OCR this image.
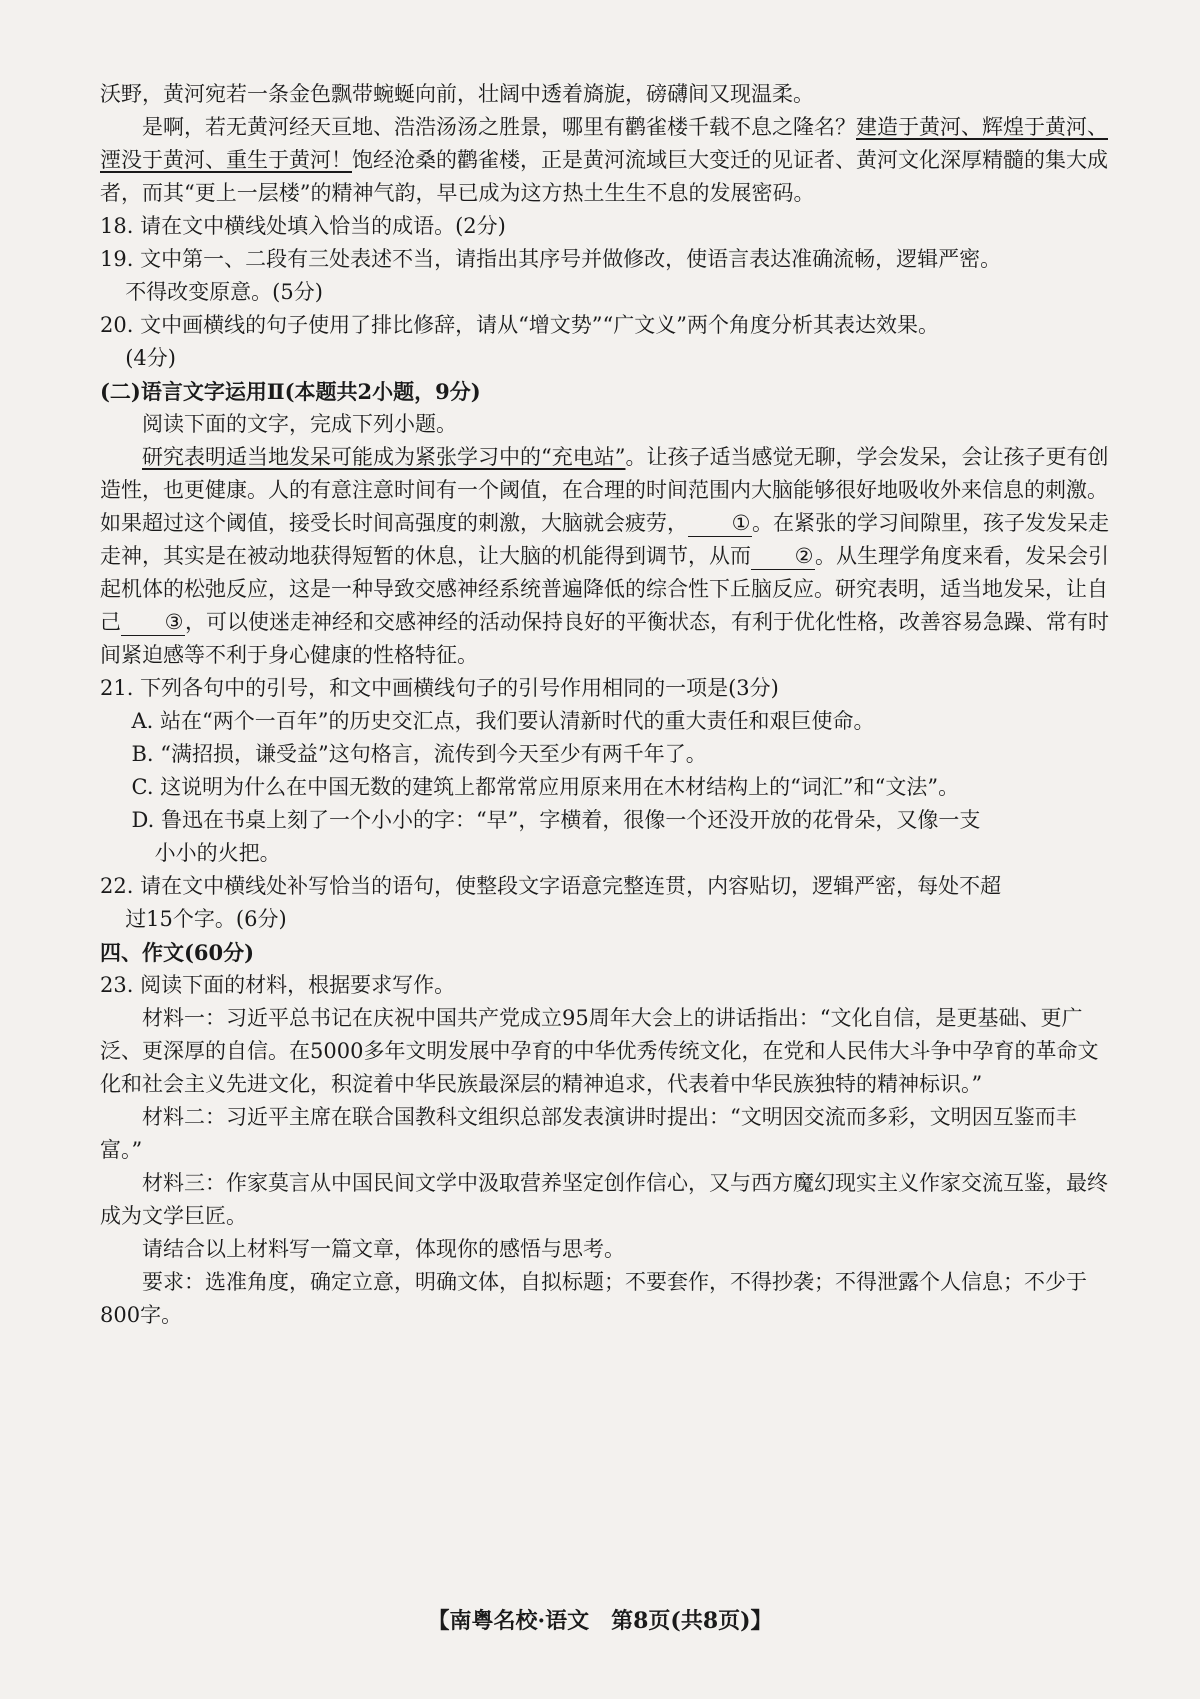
沃野，黄河宛若一条金色飘带蜿蜒向前，壮阔中透着旖旎，磅礴间又现温柔。

是啊，若无黄河经天亘地、浩浩汤汤之胜景，哪里有鹳雀楼千载不息之隆名？建造于黄河、辉煌于黄河、湮没于黄河、重生于黄河！饱经沧桑的鹳雀楼，正是黄河流域巨大变迁的见证者、黄河文化深厚精髓的集大成者，而其“更上一层楼”的精神气韵，早已成为这方热土生生不息的发展密码。

18. 请在文中横线处填入恰当的成语。(2分)

19. 文中第一、二段有三处表述不当，请指出其序号并做修改，使语言表达准确流畅，逻辑严密。

不得改变原意。(5分)

20. 文中画横线的句子使用了排比修辞，请从“增文势”“广文义”两个角度分析其表达效果。

(4分)

(二)语言文字运用Ⅱ(本题共2小题，9分)

阅读下面的文字，完成下列小题。

研究表明适当地发呆可能成为紧张学习中的“充电站”。让孩子适当感觉无聊，学会发呆，会让孩子更有创造性，也更健康。人的有意注意时间有一个阈值，在合理的时间范围内大脑能够很好地吸收外来信息的刺激。如果超过这个阈值，接受长时间高强度的刺激，大脑就会疲劳， ①。在紧张的学习间隙里，孩子发发呆走走神，其实是在被动地获得短暂的休息，让大脑的机能得到调节，从而 ②。从生理学角度来看，发呆会引起机体的松弛反应，这是一种导致交感神经系统普遍降低的综合性下丘脑反应。研究表明，适当地发呆，让自己 ③，可以使迷走神经和交感神经的活动保持良好的平衡状态，有利于优化性格，改善容易急躁、常有时间紧迫感等不利于身心健康的性格特征。

21. 下列各句中的引号，和文中画横线句子的引号作用相同的一项是(3分)

A. 站在“两个一百年”的历史交汇点，我们要认清新时代的重大责任和艰巨使命。

B. “满招损，谦受益”这句格言，流传到今天至少有两千年了。

C. 这说明为什么在中国无数的建筑上都常常应用原来用在木材结构上的“词汇”和“文法”。

D. 鲁迅在书桌上刻了一个小小的字：“早”，字横着，很像一个还没开放的花骨朵，又像一支

小小的火把。

22. 请在文中横线处补写恰当的语句，使整段文字语意完整连贯，内容贴切，逻辑严密，每处不超

过15个字。(6分)

四、作文(60分)

23. 阅读下面的材料，根据要求写作。

材料一：习近平总书记在庆祝中国共产党成立95周年大会上的讲话指出：“文化自信，是更基础、更广泛、更深厚的自信。在5000多年文明发展中孕育的中华优秀传统文化，在党和人民伟大斗争中孕育的革命文化和社会主义先进文化，积淀着中华民族最深层的精神追求，代表着中华民族独特的精神标识。”

材料二：习近平主席在联合国教科文组织总部发表演讲时提出：“文明因交流而多彩，文明因互鉴而丰富。”

材料三：作家莫言从中国民间文学中汲取营养坚定创作信心，又与西方魔幻现实主义作家交流互鉴，最终成为文学巨匠。

请结合以上材料写一篇文章，体现你的感悟与思考。

要求：选准角度，确定立意，明确文体，自拟标题；不要套作，不得抄袭；不得泄露个人信息；不少于800字。

【南粤名校·语文　第8页(共8页)】
